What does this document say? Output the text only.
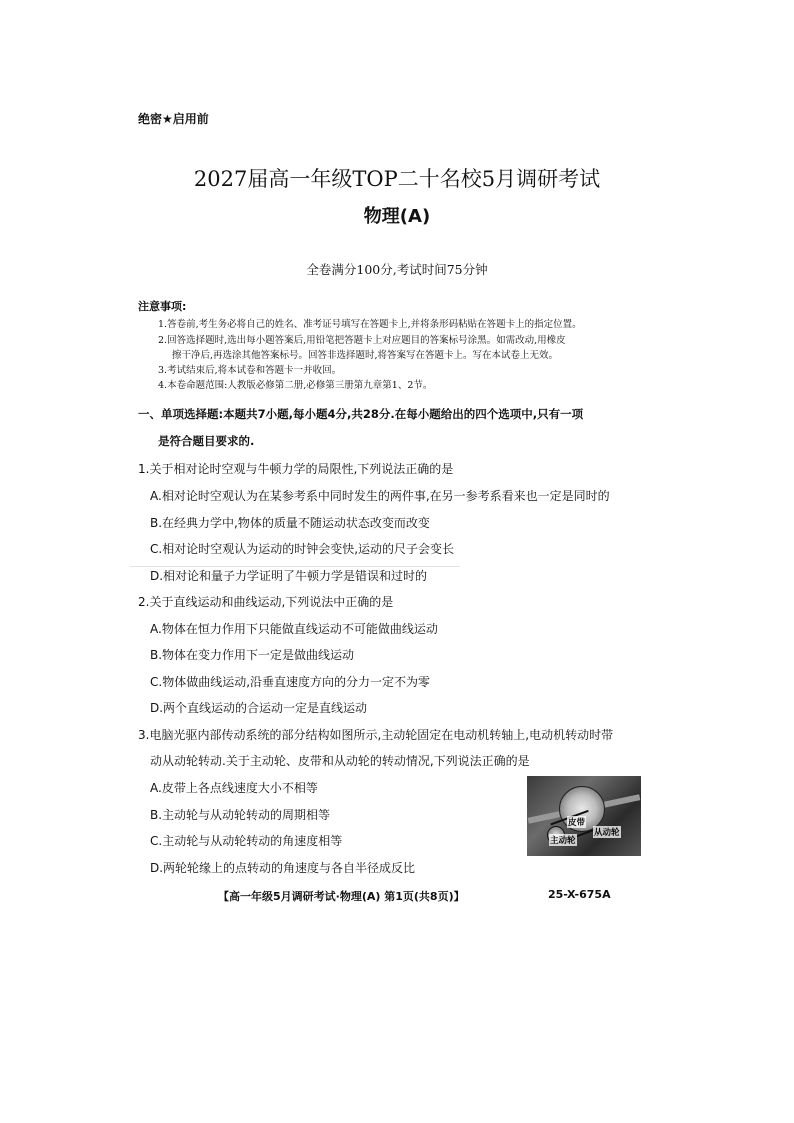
绝密★启用前
2027届高一年级TOP二十名校5月调研考试
物理(A)
全卷满分100分,考试时间75分钟
注意事项:
1.答卷前,考生务必将自己的姓名、准考证号填写在答题卡上,并将条形码粘贴在答题卡上的指定位置。
2.回答选择题时,选出每小题答案后,用铅笔把答题卡上对应题目的答案标号涂黑。如需改动,用橡皮
擦干净后,再选涂其他答案标号。回答非选择题时,将答案写在答题卡上。写在本试卷上无效。
3.考试结束后,将本试卷和答题卡一并收回。
4.本卷命题范围:人教版必修第二册,必修第三册第九章第1、2节。
一、单项选择题:本题共7小题,每小题4分,共28分.在每小题给出的四个选项中,只有一项
是符合题目要求的.
1.关于相对论时空观与牛顿力学的局限性,下列说法正确的是
A.相对论时空观认为在某参考系中同时发生的两件事,在另一参考系看来也一定是同时的
B.在经典力学中,物体的质量不随运动状态改变而改变
C.相对论时空观认为运动的时钟会变快,运动的尺子会变长
D.相对论和量子力学证明了牛顿力学是错误和过时的
2.关于直线运动和曲线运动,下列说法中正确的是
A.物体在恒力作用下只能做直线运动不可能做曲线运动
B.物体在变力作用下一定是做曲线运动
C.物体做曲线运动,沿垂直速度方向的分力一定不为零
D.两个直线运动的合运动一定是直线运动
3.电脑光驱内部传动系统的部分结构如图所示,主动轮固定在电动机转轴上,电动机转动时带
动从动轮转动.关于主动轮、皮带和从动轮的转动情况,下列说法正确的是
A.皮带上各点线速度大小不相等
B.主动轮与从动轮转动的周期相等
C.主动轮与从动轮转动的角速度相等
D.两轮轮缘上的点转动的角速度与各自半径成反比
皮带
从动轮
主动轮
【高一年级5月调研考试·物理(A) 第1页(共8页)】	25-X-675A
